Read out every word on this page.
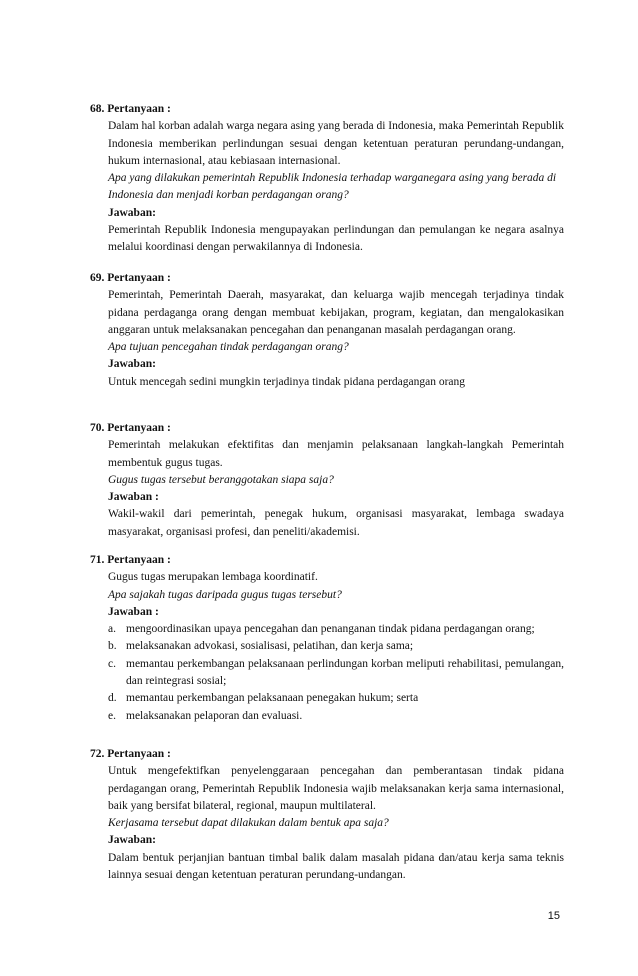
68. Pertanyaan :
Dalam hal korban adalah warga negara asing yang berada di Indonesia, maka Pemerintah Republik Indonesia memberikan perlindungan sesuai dengan ketentuan peraturan perundang-undangan, hukum internasional, atau kebiasaan internasional.
Apa yang dilakukan pemerintah Republik Indonesia terhadap warganegara asing yang berada di Indonesia dan menjadi korban perdagangan orang?
Jawaban:
Pemerintah Republik Indonesia mengupayakan perlindungan dan pemulangan ke negara asalnya melalui koordinasi dengan perwakilannya di Indonesia.
69. Pertanyaan :
Pemerintah, Pemerintah Daerah, masyarakat, dan keluarga wajib mencegah terjadinya tindak pidana perdaganga orang dengan membuat kebijakan, program, kegiatan, dan mengalokasikan anggaran untuk melaksanakan pencegahan dan penanganan masalah perdagangan orang.
Apa tujuan pencegahan tindak perdagangan orang?
Jawaban:
Untuk mencegah sedini mungkin terjadinya tindak pidana perdagangan orang
70. Pertanyaan :
Pemerintah melakukan efektifitas dan menjamin pelaksanaan langkah-langkah Pemerintah membentuk gugus tugas.
Gugus tugas tersebut beranggotakan siapa saja?
Jawaban :
Wakil-wakil dari pemerintah, penegak hukum, organisasi masyarakat, lembaga swadaya masyarakat, organisasi profesi, dan peneliti/akademisi.
71. Pertanyaan :
Gugus tugas merupakan lembaga koordinatif.
Apa sajakah tugas daripada gugus tugas tersebut?
Jawaban :
a. mengoordinasikan upaya pencegahan dan penanganan tindak pidana perdagangan orang;
b. melaksanakan advokasi, sosialisasi, pelatihan, dan kerja sama;
c. memantau perkembangan pelaksanaan perlindungan korban meliputi rehabilitasi, pemulangan, dan reintegrasi sosial;
d. memantau perkembangan pelaksanaan penegakan hukum; serta
e. melaksanakan pelaporan dan evaluasi.
72. Pertanyaan :
Untuk mengefektifkan penyelenggaraan pencegahan dan pemberantasan tindak pidana perdagangan orang, Pemerintah Republik Indonesia wajib melaksanakan kerja sama internasional, baik yang bersifat bilateral, regional, maupun multilateral.
Kerjasama tersebut dapat dilakukan dalam bentuk apa saja?
Jawaban:
Dalam bentuk perjanjian bantuan timbal balik dalam masalah pidana dan/atau kerja sama teknis lainnya sesuai dengan ketentuan peraturan perundang-undangan.
15
